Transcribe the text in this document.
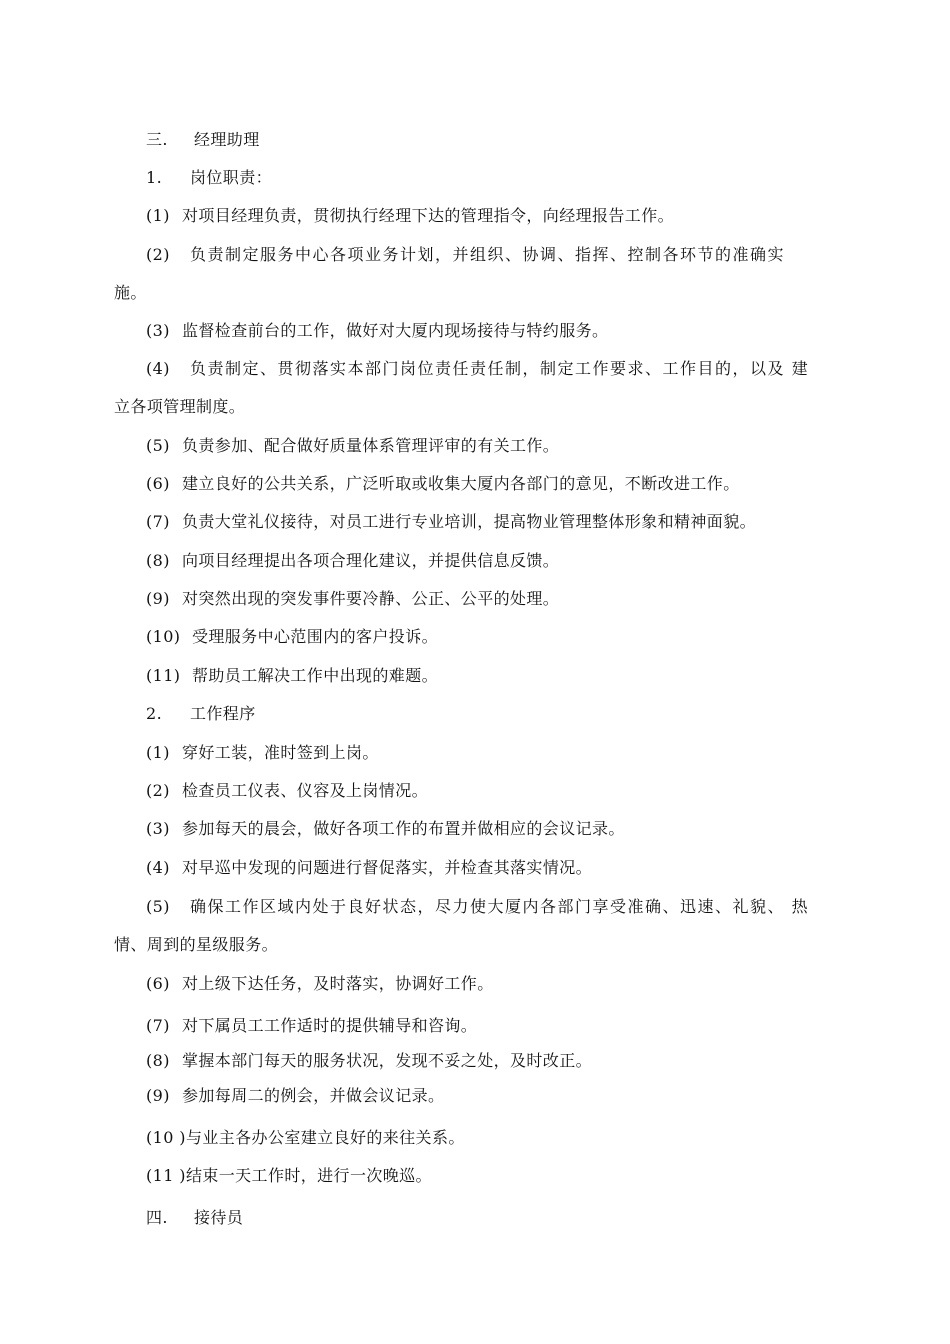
三. 经理助理
1. 岗位职责：
(1) 对项目经理负责，贯彻执行经理下达的管理指令，向经理报告工作。
(2) 负责制定服务中心各项业务计划，并组织、协调、指挥、控制各环节的准确实
施。
(3) 监督检查前台的工作，做好对大厦内现场接待与特约服务。
(4) 负责制定、贯彻落实本部门岗位责任责任制，制定工作要求、工作目的，以及 建
立各项管理制度。
(5) 负责参加、配合做好质量体系管理评审的有关工作。
(6) 建立良好的公共关系，广泛听取或收集大厦内各部门的意见，不断改进工作。
(7) 负责大堂礼仪接待，对员工进行专业培训，提高物业管理整体形象和精神面貌。
(8) 向项目经理提出各项合理化建议，并提供信息反馈。
(9) 对突然出现的突发事件要冷静、公正、公平的处理。
(10) 受理服务中心范围内的客户投诉。
(11) 帮助员工解决工作中出现的难题。
2. 工作程序
(1) 穿好工装，准时签到上岗。
(2) 检查员工仪表、仪容及上岗情况。
(3) 参加每天的晨会，做好各项工作的布置并做相应的会议记录。
(4) 对早巡中发现的问题进行督促落实，并检查其落实情况。
(5) 确保工作区域内处于良好状态，尽力使大厦内各部门享受准确、迅速、礼貌、 热
情、周到的星级服务。
(6) 对上级下达任务，及时落实，协调好工作。
(7) 对下属员工工作适时的提供辅导和咨询。
(8) 掌握本部门每天的服务状况，发现不妥之处，及时改正。
(9) 参加每周二的例会，并做会议记录。
(10 )与业主各办公室建立良好的来往关系。
(11 )结束一天工作时，进行一次晚巡。
四. 接待员
